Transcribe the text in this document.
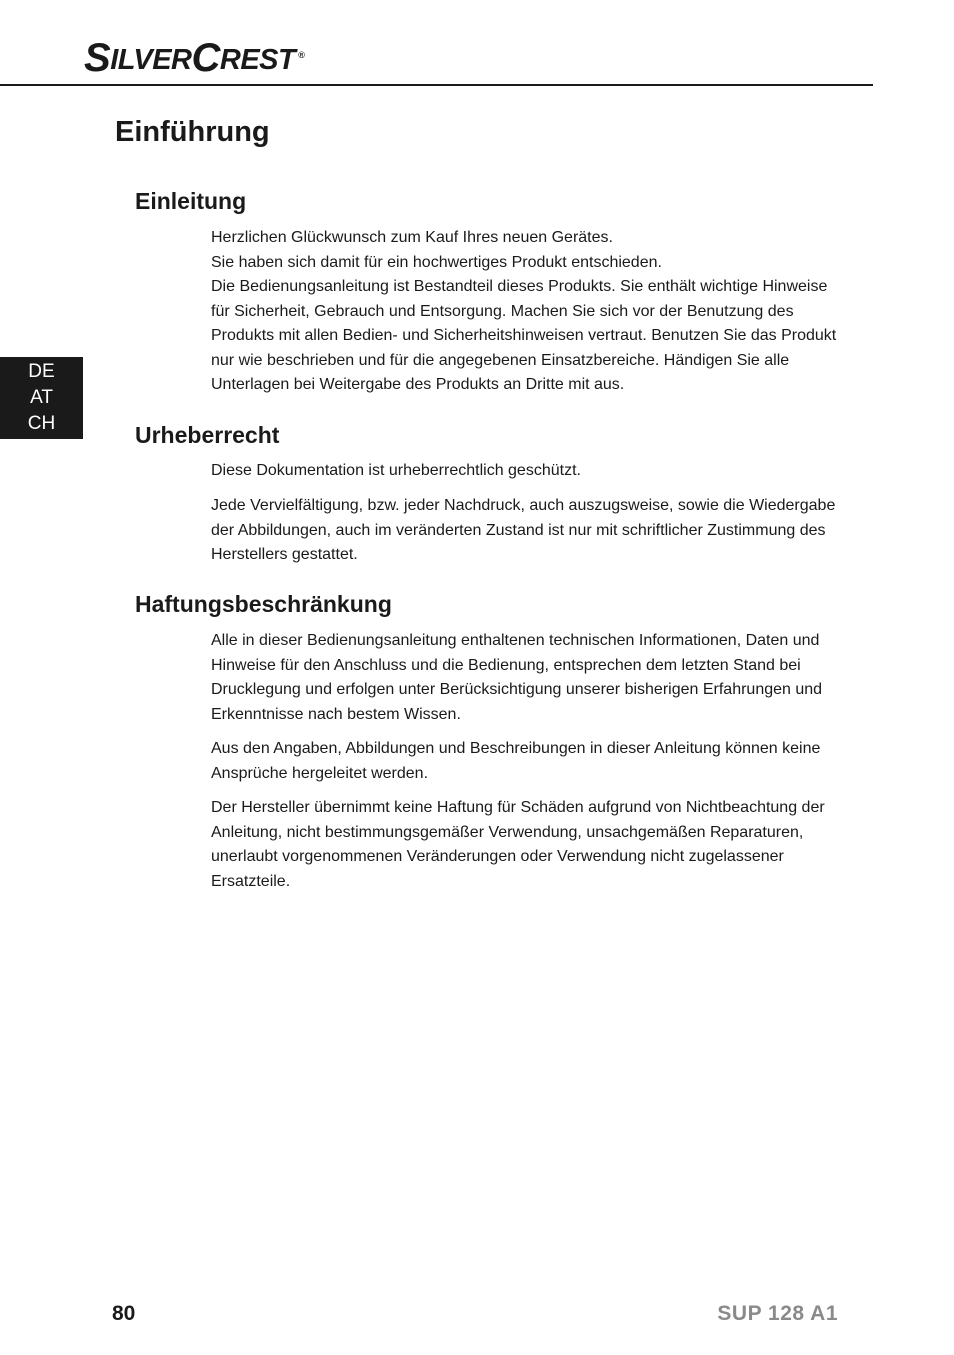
S ILVER C REST ®
Einführung
DE
AT
CH
Einleitung

Herzlichen Glückwunsch zum Kauf Ihres neuen Gerätes.

Sie haben sich damit für ein hochwertiges Produkt entschieden.

Die Bedienungsanleitung ist Bestandteil dieses Produkts. Sie enthält wichtige Hinweise für Sicherheit, Gebrauch und Entsorgung. Machen Sie sich vor der Benutzung des Produkts mit allen Bedien- und Sicherheitshinweisen vertraut. Benutzen Sie das Produkt nur wie beschrieben und für die angegebenen Einsatzbereiche. Händigen Sie alle Unterlagen bei Weitergabe des Produkts an Dritte mit aus.

Urheberrecht

Diese Dokumentation ist urheberrechtlich geschützt.

Jede Vervielfältigung, bzw. jeder Nachdruck, auch auszugsweise, sowie die Wiedergabe der Abbildungen, auch im veränderten Zustand ist nur mit schriftlicher Zustimmung des Herstellers gestattet.

Haftungsbeschränkung

Alle in dieser Bedienungsanleitung enthaltenen technischen Informationen, Daten und Hinweise für den Anschluss und die Bedienung, entsprechen dem letzten Stand bei Drucklegung und erfolgen unter Berücksichtigung unserer bisherigen Erfahrungen und Erkenntnisse nach bestem Wissen.

Aus den Angaben, Abbildungen und Beschreibungen in dieser Anleitung können keine Ansprüche hergeleitet werden.

Der Hersteller übernimmt keine Haftung für Schäden aufgrund von Nichtbeachtung der Anleitung, nicht bestimmungsgemäßer Verwendung, unsachgemäßen Reparaturen, unerlaubt vorgenommenen Veränderungen oder Verwendung nicht zugelassener Ersatzteile.

80	SUP 128 A1
